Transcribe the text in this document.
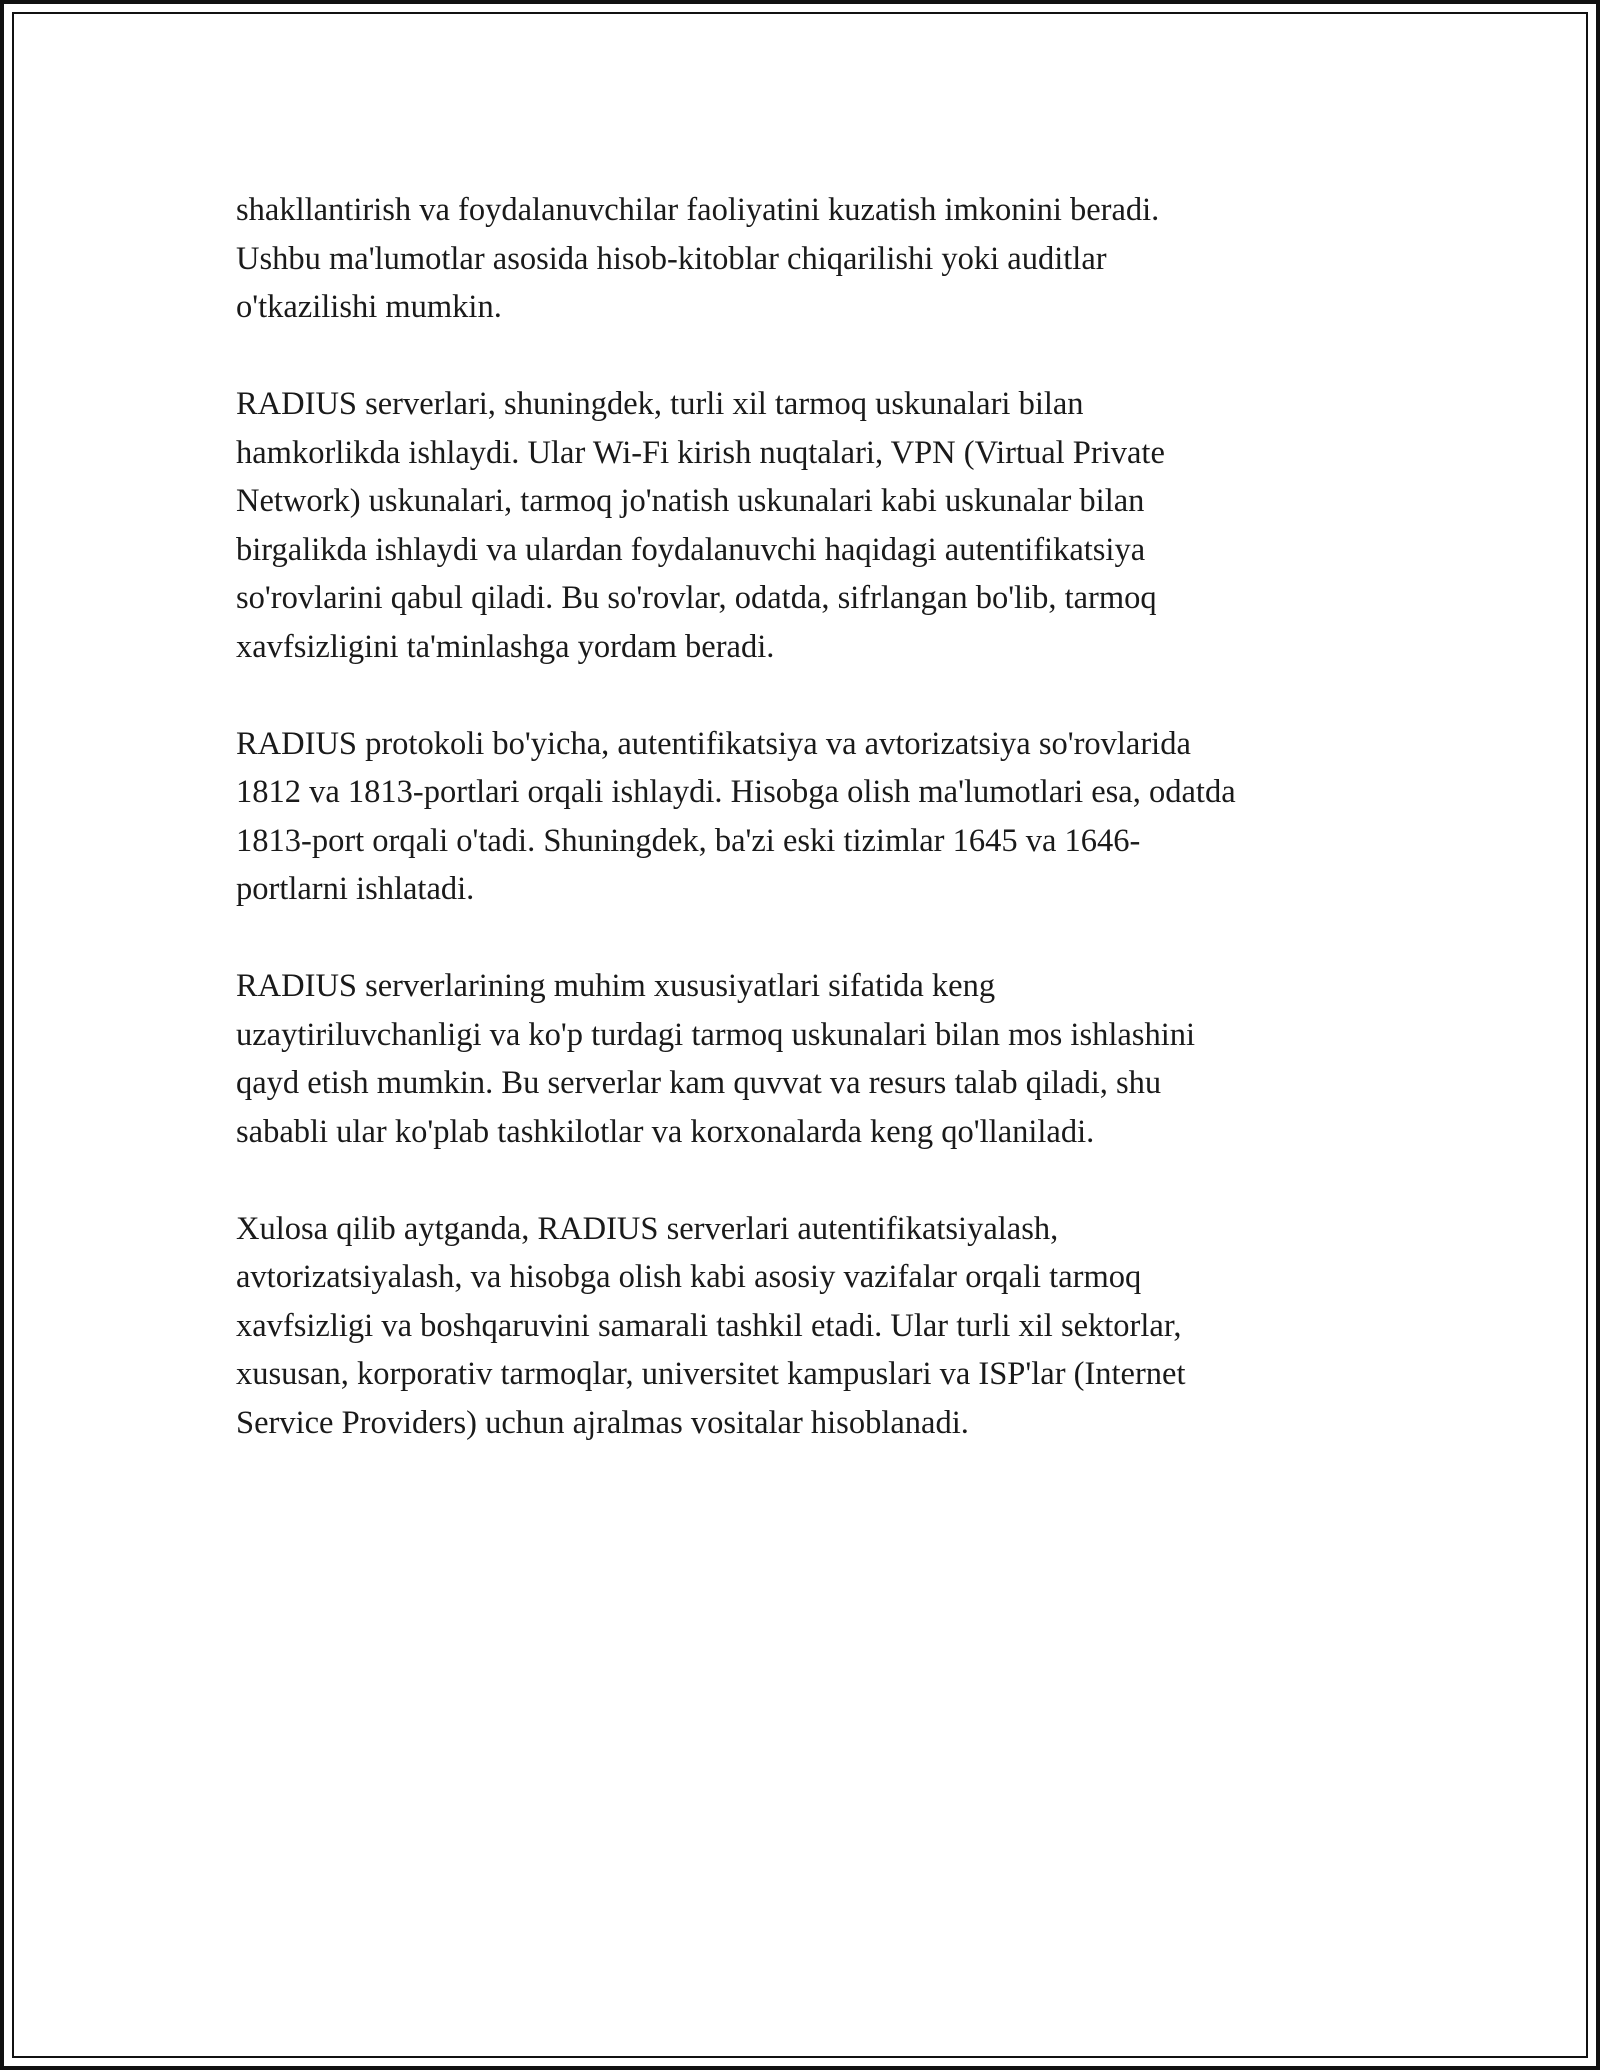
shakllantirish va foydalanuvchilar faoliyatini kuzatish imkonini beradi.
Ushbu ma'lumotlar asosida hisob-kitoblar chiqarilishi yoki auditlar
o'tkazilishi mumkin.

RADIUS serverlari, shuningdek, turli xil tarmoq uskunalari bilan
hamkorlikda ishlaydi. Ular Wi-Fi kirish nuqtalari, VPN (Virtual Private
Network) uskunalari, tarmoq jo'natish uskunalari kabi uskunalar bilan
birgalikda ishlaydi va ulardan foydalanuvchi haqidagi autentifikatsiya
so'rovlarini qabul qiladi. Bu so'rovlar, odatda, sifrlangan bo'lib, tarmoq
xavfsizligini ta'minlashga yordam beradi.

RADIUS protokoli bo'yicha, autentifikatsiya va avtorizatsiya so'rovlarida
1812 va 1813-portlari orqali ishlaydi. Hisobga olish ma'lumotlari esa, odatda
1813-port orqali o'tadi. Shuningdek, ba'zi eski tizimlar 1645 va 1646-
portlarni ishlatadi.

RADIUS serverlarining muhim xususiyatlari sifatida keng
uzaytiriluvchanligi va ko'p turdagi tarmoq uskunalari bilan mos ishlashini
qayd etish mumkin. Bu serverlar kam quvvat va resurs talab qiladi, shu
sababli ular ko'plab tashkilotlar va korxonalarda keng qo'llaniladi.

Xulosa qilib aytganda, RADIUS serverlari autentifikatsiyalash,
avtorizatsiyalash, va hisobga olish kabi asosiy vazifalar orqali tarmoq
xavfsizligi va boshqaruvini samarali tashkil etadi. Ular turli xil sektorlar,
xususan, korporativ tarmoqlar, universitet kampuslari va ISP'lar (Internet
Service Providers) uchun ajralmas vositalar hisoblanadi.
